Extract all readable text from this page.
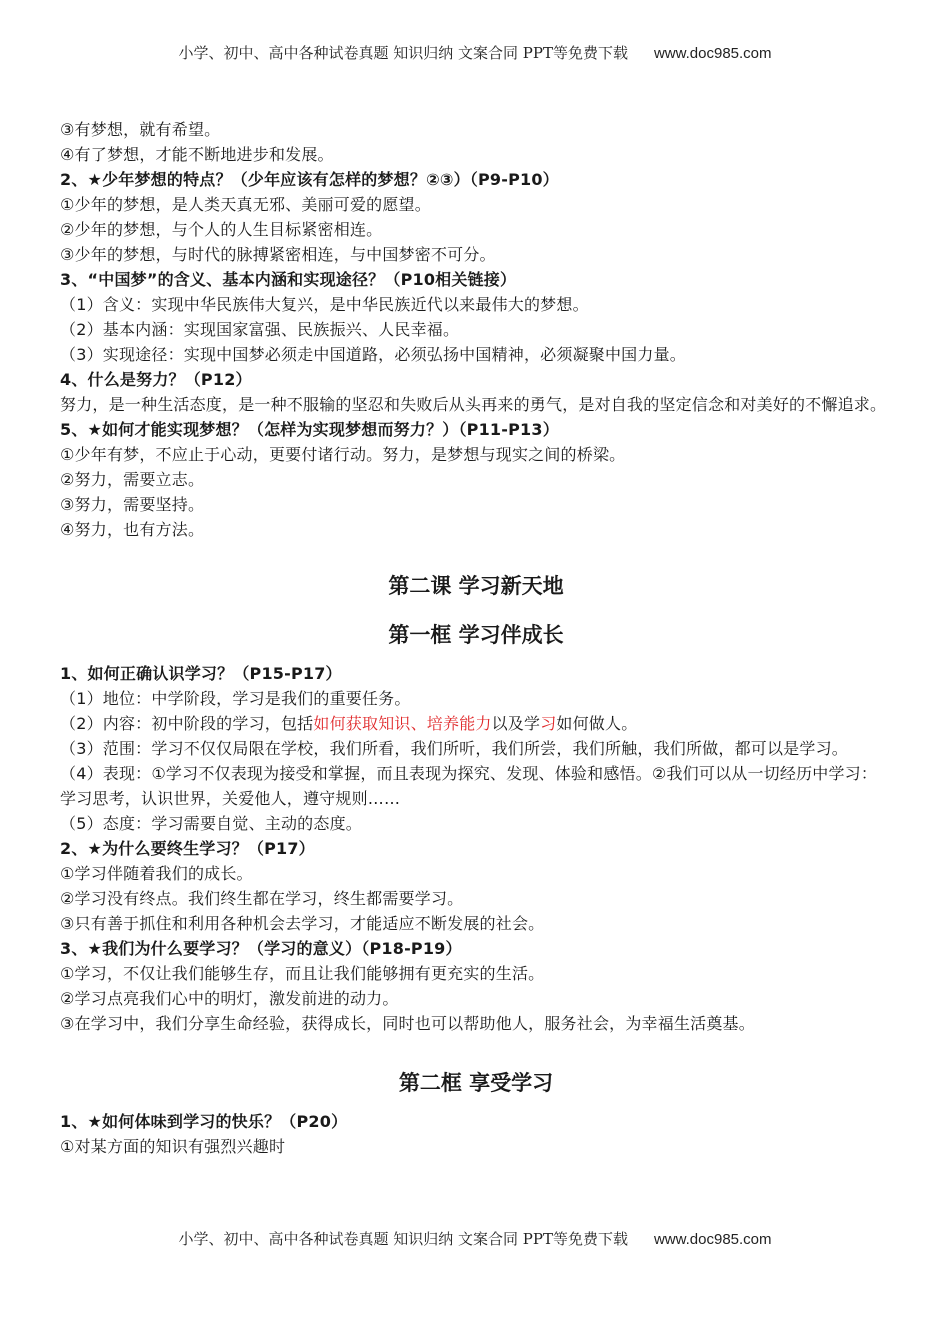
小学、初中、高中各种试卷真题 知识归纳 文案合同 PPT等免费下载 www.doc985.com
③有梦想，就有希望。
④有了梦想，才能不断地进步和发展。
2、★少年梦想的特点？（少年应该有怎样的梦想？②③）（P9-P10）
①少年的梦想，是人类天真无邪、美丽可爱的愿望。
②少年的梦想，与个人的人生目标紧密相连。
③少年的梦想，与时代的脉搏紧密相连，与中国梦密不可分。
3、“中国梦”的含义、基本内涵和实现途径？（P10相关链接）
（1）含义：实现中华民族伟大复兴，是中华民族近代以来最伟大的梦想。
（2）基本内涵：实现国家富强、民族振兴、人民幸福。
（3）实现途径：实现中国梦必须走中国道路，必须弘扬中国精神，必须凝聚中国力量。
4、什么是努力？（P12）
努力，是一种生活态度，是一种不服输的坚忍和失败后从头再来的勇气，是对自我的坚定信念和对美好的不懈追求。
5、★如何才能实现梦想？（怎样为实现梦想而努力？）（P11-P13）
①少年有梦，不应止于心动，更要付诸行动。努力，是梦想与现实之间的桥梁。
②努力，需要立志。
③努力，需要坚持。
④努力，也有方法。
第二课 学习新天地
第一框 学习伴成长
1、如何正确认识学习？（P15-P17）
（1）地位：中学阶段，学习是我们的重要任务。
（2）内容：初中阶段的学习，包括如何获取知识、培养能力以及学习如何做人。
（3）范围：学习不仅仅局限在学校，我们所看，我们所听，我们所尝，我们所触，我们所做，都可以是学习。
（4）表现：①学习不仅表现为接受和掌握，而且表现为探究、发现、体验和感悟。②我们可以从一切经历中学习：学习思考，认识世界，关爱他人，遵守规则……
（5）态度：学习需要自觉、主动的态度。
2、★为什么要终生学习？（P17）
①学习伴随着我们的成长。
②学习没有终点。我们终生都在学习，终生都需要学习。
③只有善于抓住和利用各种机会去学习，才能适应不断发展的社会。
3、★我们为什么要学习？（学习的意义）（P18-P19）
①学习，不仅让我们能够生存，而且让我们能够拥有更充实的生活。
②学习点亮我们心中的明灯，激发前进的动力。
③在学习中，我们分享生命经验，获得成长，同时也可以帮助他人，服务社会，为幸福生活奠基。
第二框 享受学习
1、★如何体味到学习的快乐？（P20）
①对某方面的知识有强烈兴趣时
小学、初中、高中各种试卷真题 知识归纳 文案合同 PPT等免费下载 www.doc985.com
